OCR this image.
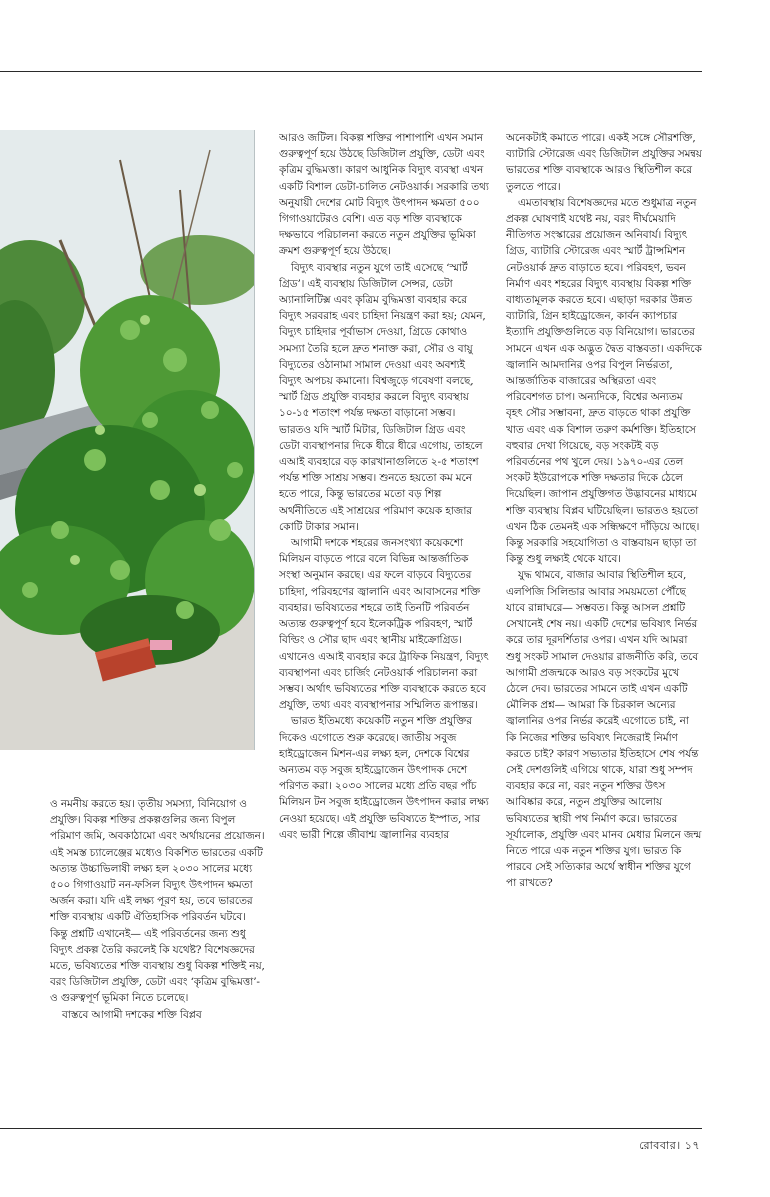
আরও জটিল। বিকল্প শক্তির পাশাপাশি এখন সমান গুরুত্বপূর্ণ হয়ে উঠছে ডিজিটাল প্রযুক্তি, ডেটা এবং কৃত্রিম বুদ্ধিমত্তা। কারণ আধুনিক বিদ্যুৎ ব্যবস্থা এখন একটি বিশাল ডেটা-চালিত নেটওয়ার্ক। সরকারি তথ্য অনুযায়ী দেশের মোট বিদ্যুৎ উৎপাদন ক্ষমতা ৫০০ গিগাওয়াটেরও বেশি। এত বড় শক্তি ব্যবস্থাকে দক্ষভাবে পরিচালনা করতে নতুন প্রযুক্তির ভূমিকা ক্রমশ গুরুত্বপূর্ণ হয়ে উঠছে।

বিদ্যুৎ ব্যবস্থার নতুন যুগে তাই এসেছে ‘স্মার্ট গ্রিড’। এই ব্যবস্থায় ডিজিটাল সেন্সর, ডেটা অ্যানালিটিক্স এবং কৃত্রিম বুদ্ধিমত্তা ব্যবহার করে বিদ্যুৎ সরবরাহ এবং চাহিদা নিয়ন্ত্রণ করা হয়; যেমন, বিদ্যুৎ চাহিদার পূর্বাভাস দেওয়া, গ্রিডে কোথাও সমস্যা তৈরি হলে দ্রুত শনাক্ত করা, সৌর ও বায়ু বিদ্যুতের ওঠানামা সামাল দেওয়া এবং অবশ্যই বিদ্যুৎ অপচয় কমানো। বিশ্বজুড়ে গবেষণা বলছে, স্মার্ট গ্রিড প্রযুক্তি ব্যবহার করলে বিদ্যুৎ ব্যবস্থায় ১০-১৫ শতাংশ পর্যন্ত দক্ষতা বাড়ানো সম্ভব। ভারতও যদি স্মার্ট মিটার, ডিজিটাল গ্রিড এবং ডেটা ব্যবস্থাপনার দিকে ধীরে ধীরে এগোয়, তাহলে এআই ব্যবহারে বড় কারখানাগুলিতে ২-৫ শতাংশ পর্যন্ত শক্তি সাশ্রয় সম্ভব। শুনতে হয়তো কম মনে হতে পারে, কিন্তু ভারতের মতো বড় শিল্প অর্থনীতিতে এই সাশ্রয়ের পরিমাণ কয়েক হাজার কোটি টাকার সমান।

আগামী দশকে শহরের জনসংখ্যা কয়েকশো মিলিয়ন বাড়তে পারে বলে বিভিন্ন আন্তর্জাতিক সংস্থা অনুমান করছে। এর ফলে বাড়বে বিদ্যুতের চাহিদা, পরিবহণের জ্বালানি এবং আবাসনের শক্তি ব্যবহার। ভবিষ্যতের শহরে তাই তিনটি পরিবর্তন অত্যন্ত গুরুত্বপূর্ণ হবে ইলেকট্রিক পরিবহণ, স্মার্ট বিল্ডিং ও সৌর ছাদ এবং স্থানীয় মাইক্রোগ্রিড। এখানেও এআই ব্যবহার করে ট্রাফিক নিয়ন্ত্রণ, বিদ্যুৎ ব্যবস্থাপনা এবং চার্জিং নেটওয়ার্ক পরিচালনা করা সম্ভব। অর্থাৎ ভবিষ্যতের শক্তি ব্যবস্থাকে করতে হবে প্রযুক্তি, তথ্য এবং ব্যবস্থাপনার সম্মিলিত রূপান্তর।

ভারত ইতিমধ্যে কয়েকটি নতুন শক্তি প্রযুক্তির দিকেও এগোতে শুরু করেছে। জাতীয় সবুজ হাইড্রোজেন মিশন-এর লক্ষ্য হল, দেশকে বিশ্বের অন্যতম বড় সবুজ হাইড্রোজেন উৎপাদক দেশে পরিণত করা। ২০৩০ সালের মধ্যে প্রতি বছর পাঁচ মিলিয়ন টন সবুজ হাইড্রোজেন উৎপাদন করার লক্ষ্য নেওয়া হয়েছে। এই প্রযুক্তি ভবিষ্যতে ইস্পাত, সার এবং ভারী শিল্পে জীবাশ্ম জ্বালানির ব্যবহার

অনেকটাই কমাতে পারে। একই সঙ্গে সৌরশক্তি, ব্যাটারি স্টোরেজ এবং ডিজিটাল প্রযুক্তির সমন্বয় ভারতের শক্তি ব্যবস্থাকে আরও স্থিতিশীল করে তুলতে পারে।

এমতাবস্থায় বিশেষজ্ঞদের মতে শুধুমাত্র নতুন প্রকল্প ঘোষণাই যথেষ্ট নয়, বরং দীর্ঘমেয়াদি নীতিগত সংস্কারের প্রয়োজন অনিবার্য। বিদ্যুৎ গ্রিড, ব্যাটারি স্টোরেজ এবং স্মার্ট ট্রান্সমিশন নেটওয়ার্ক দ্রুত বাড়াতে হবে। পরিবহণ, ভবন নির্মাণ এবং শহরের বিদ্যুৎ ব্যবস্থায় বিকল্প শক্তি বাধ্যতামূলক করতে হবে। এছাড়া দরকার উন্নত ব্যাটারি, গ্রিন হাইড্রোজেন, কার্বন ক্যাপচার ইত্যাদি প্রযুক্তিগুলিতে বড় বিনিয়োগ। ভারতের সামনে এখন এক অদ্ভুত দ্বৈত বাস্তবতা। একদিকে জ্বালানি আমদানির ওপর বিপুল নির্ভরতা, আন্তর্জাতিক বাজারের অস্থিরতা এবং পরিবেশগত চাপ। অন্যদিকে, বিশ্বের অন্যতম বৃহৎ সৌর সম্ভাবনা, দ্রুত বাড়তে থাকা প্রযুক্তি খাত এবং এক বিশাল তরুণ কর্মশক্তি। ইতিহাসে বহুবার দেখা গিয়েছে, বড় সংকটই বড় পরিবর্তনের পথ খুলে দেয়। ১৯৭০-এর তেল সংকট ইউরোপকে শক্তি দক্ষতার দিকে ঠেলে দিয়েছিল। জাপান প্রযুক্তিগত উদ্ভাবনের মাধ্যমে শক্তি ব্যবস্থায় বিপ্লব ঘটিয়েছিল। ভারতও হয়তো এখন ঠিক তেমনই এক সন্ধিক্ষণে দাঁড়িয়ে আছে। কিন্তু সরকারি সহযোগিতা ও বাস্তবায়ন ছাড়া তা কিন্তু শুধু লক্ষ্যই থেকে যাবে।

যুদ্ধ থামবে, বাজার আবার স্থিতিশীল হবে, এলপিজি সিলিন্ডার আবার সময়মতো পৌঁছে যাবে রান্নাঘরে— সম্ভবত। কিন্তু আসল প্রশ্নটি সেখানেই শেষ নয়। একটি দেশের ভবিষ্যৎ নির্ভর করে তার দূরদর্শিতার ওপর। এখন যদি আমরা শুধু সংকট সামাল দেওয়ার রাজনীতি করি, তবে আগামী প্রজন্মকে আরও বড় সংকটের মুখে ঠেলে দেব। ভারতের সামনে তাই এখন একটি মৌলিক প্রশ্ন— আমরা কি চিরকাল অন্যের জ্বালানির ওপর নির্ভর করেই এগোতে চাই, না কি নিজের শক্তির ভবিষ্যৎ নিজেরাই নির্মাণ করতে চাই? কারণ সভ্যতার ইতিহাসে শেষ পর্যন্ত সেই দেশগুলিই এগিয়ে থাকে, যারা শুধু সম্পদ ব্যবহার করে না, বরং নতুন শক্তির উৎস আবিষ্কার করে, নতুন প্রযুক্তির আলোয় ভবিষ্যতের স্থায়ী পথ নির্মাণ করে। ভারতের সূর্যালোক, প্রযুক্তি এবং মানব মেধার মিলনে জন্ম নিতে পারে এক নতুন শক্তির যুগ। ভারত কি পারবে সেই সত্যিকার অর্থে স্বাধীন শক্তির যুগে পা রাখতে?

ও নমনীয় করতে হয়। তৃতীয় সমস্যা, বিনিয়োগ ও প্রযুক্তি। বিকল্প শক্তির প্রকল্পগুলির জন্য বিপুল পরিমাণ জমি, অবকাঠামো এবং অর্থায়নের প্রয়োজন। এই সমস্ত চ্যালেঞ্জের মধ্যেও বিকশিত ভারতের একটি অত্যন্ত উচ্চাভিলাষী লক্ষ্য হল ২০৩০ সালের মধ্যে ৫০০ গিগাওয়াট নন-ফসিল বিদ্যুৎ উৎপাদন ক্ষমতা অর্জন করা। যদি এই লক্ষ্য পূরণ হয়, তবে ভারতের শক্তি ব্যবস্থায় একটি ঐতিহাসিক পরিবর্তন ঘটবে। কিন্তু প্রশ্নটি এখানেই— এই পরিবর্তনের জন্য শুধু বিদ্যুৎ প্রকল্প তৈরি করলেই কি যথেষ্ট? বিশেষজ্ঞদের মতে, ভবিষ্যতের শক্তি ব্যবস্থায় শুধু বিকল্প শক্তিই নয়, বরং ডিজিটাল প্রযুক্তি, ডেটা এবং ‘কৃত্রিম বুদ্ধিমত্তা’-ও গুরুত্বপূর্ণ ভূমিকা নিতে চলেছে।

বাস্তবে আগামী দশকের শক্তি বিপ্লব

রোববার। ১৭
